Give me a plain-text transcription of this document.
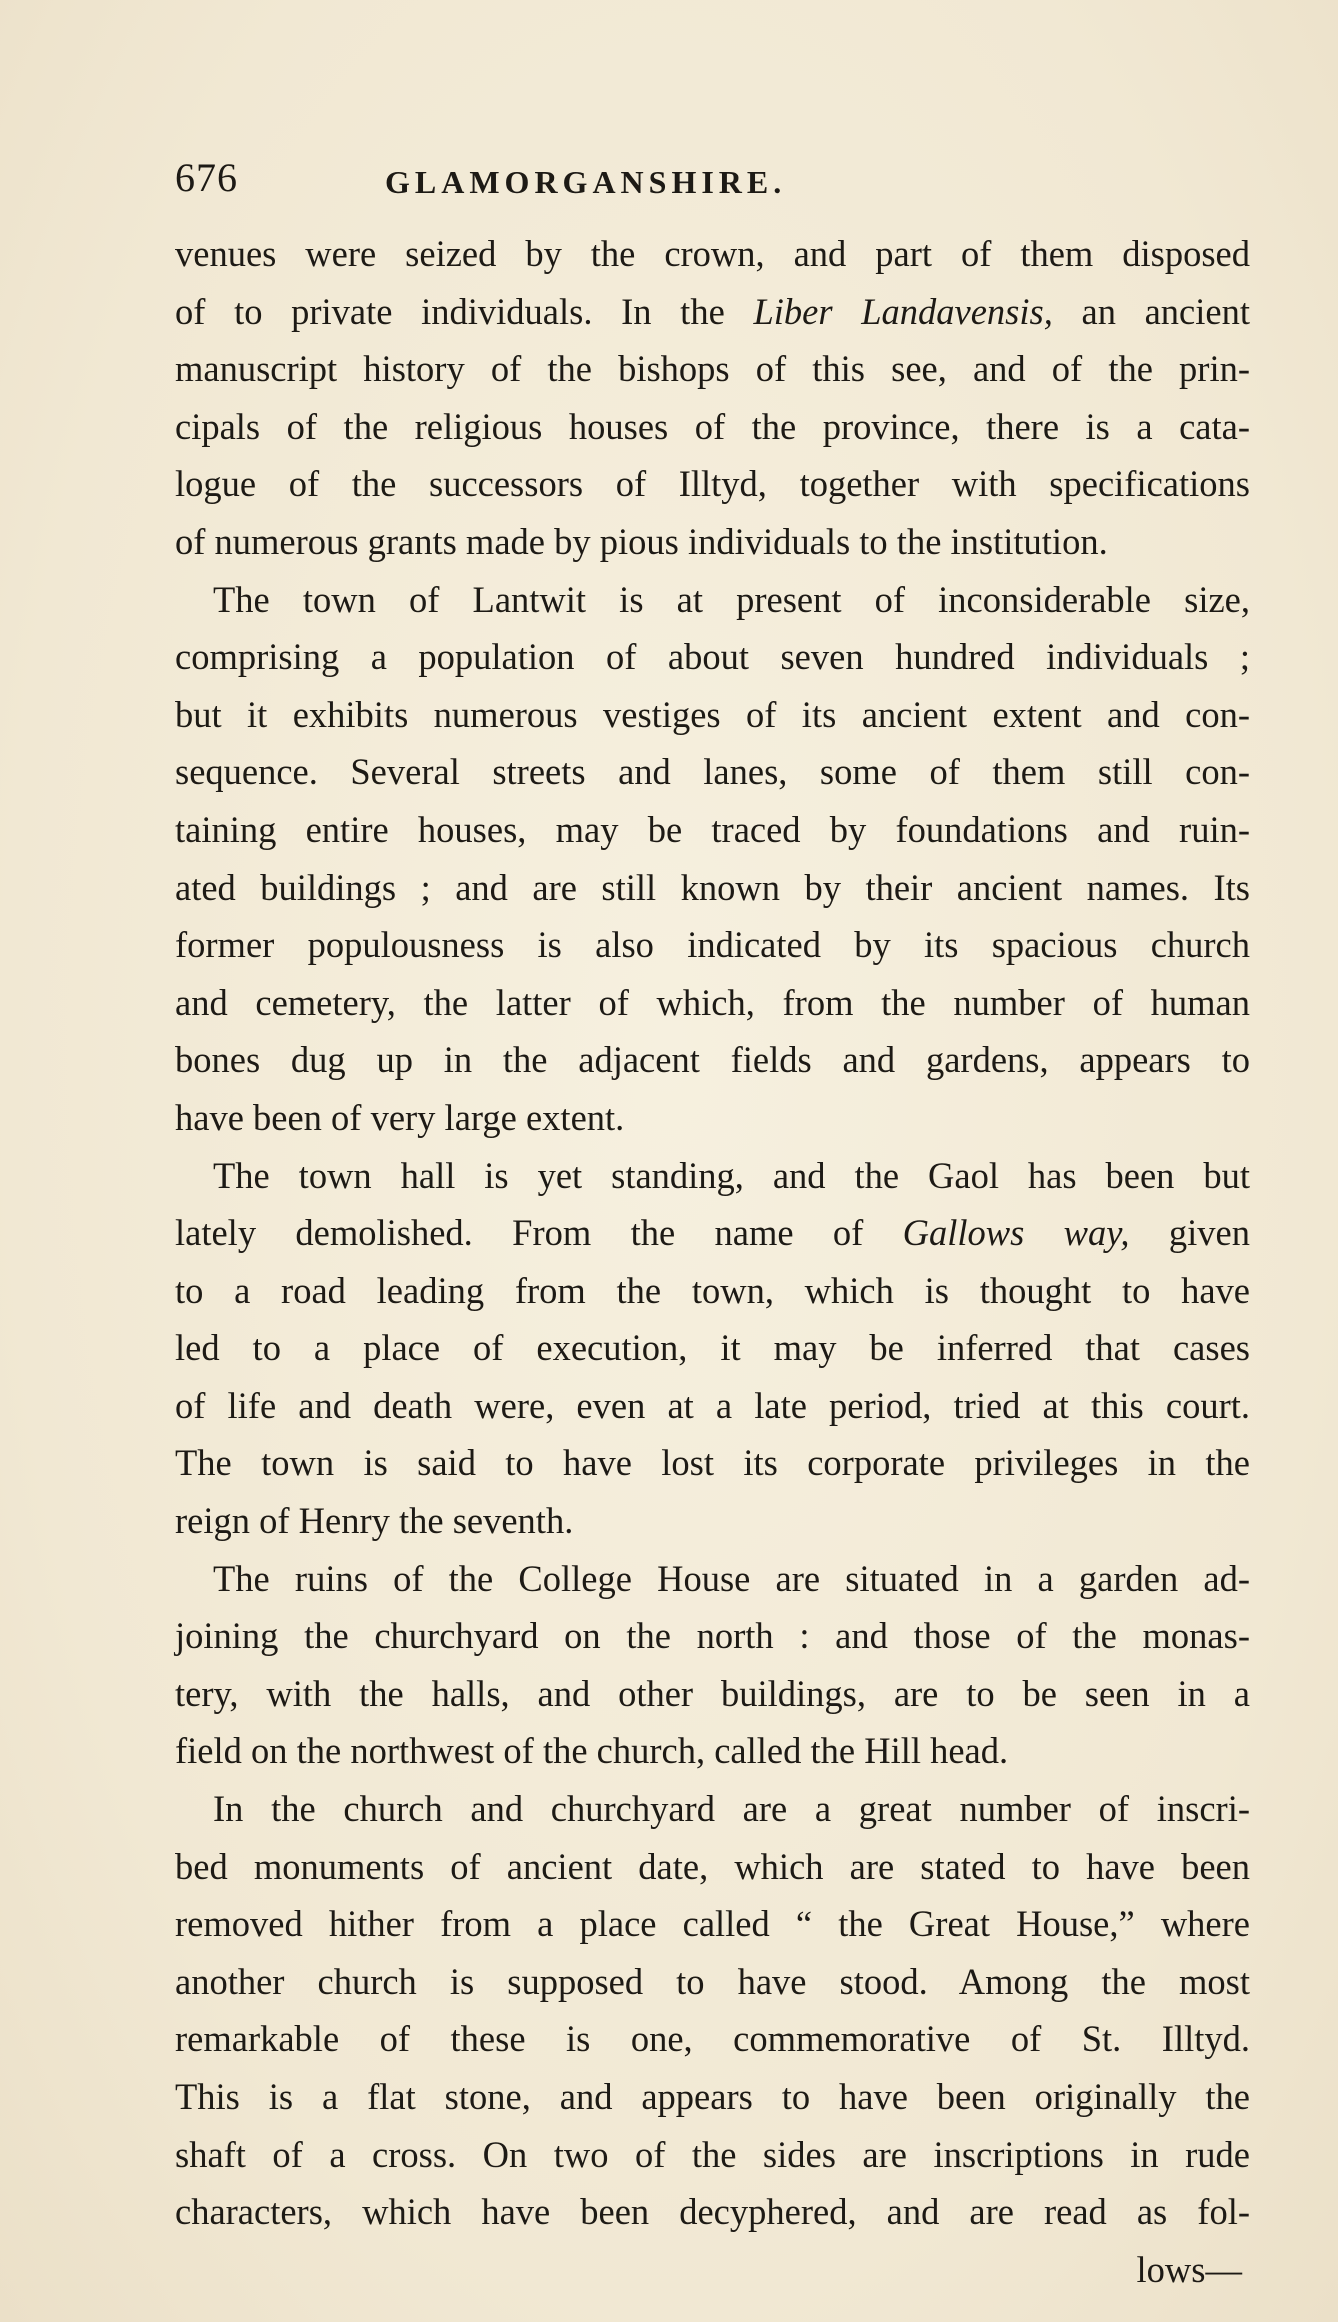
676	GLAMORGANSHIRE.
venues were seized by the crown, and part of them disposed
of to private individuals. In the Liber Landavensis, an ancient
manuscript history of the bishops of this see, and of the prin-
cipals of the religious houses of the province, there is a cata-
logue of the successors of Illtyd, together with specifications
of numerous grants made by pious individuals to the institution.
The town of Lantwit is at present of inconsiderable size,
comprising a population of about seven hundred individuals ;
but it exhibits numerous vestiges of its ancient extent and con-
sequence. Several streets and lanes, some of them still con-
taining entire houses, may be traced by foundations and ruin-
ated buildings ; and are still known by their ancient names. Its
former populousness is also indicated by its spacious church
and cemetery, the latter of which, from the number of human
bones dug up in the adjacent fields and gardens, appears to
have been of very large extent.
The town hall is yet standing, and the Gaol has been but
lately demolished. From the name of Gallows way, given
to a road leading from the town, which is thought to have
led to a place of execution, it may be inferred that cases
of life and death were, even at a late period, tried at this court.
The town is said to have lost its corporate privileges in the
reign of Henry the seventh.
The ruins of the College House are situated in a garden ad-
joining the churchyard on the north : and those of the monas-
tery, with the halls, and other buildings, are to be seen in a
field on the northwest of the church, called the Hill head.
In the church and churchyard are a great number of inscri-
bed monuments of ancient date, which are stated to have been
removed hither from a place called “ the Great House,” where
another church is supposed to have stood. Among the most
remarkable of these is one, commemorative of St. Illtyd.
This is a flat stone, and appears to have been originally the
shaft of a cross. On two of the sides are inscriptions in rude
characters, which have been decyphered, and are read as fol-
lows—
